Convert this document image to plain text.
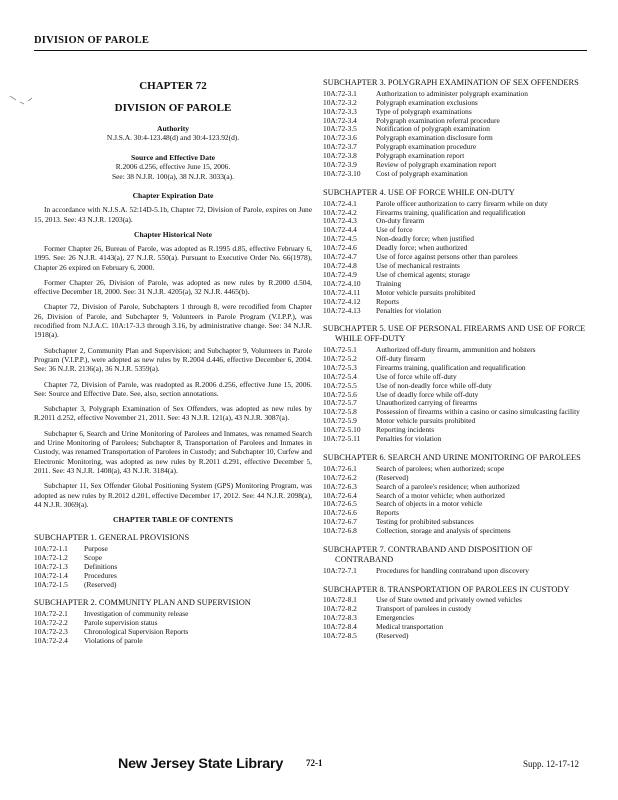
DIVISION OF PAROLE
CHAPTER 72
DIVISION OF PAROLE
Authority
N.J.S.A. 30:4-123.48(d) and 30:4-123.92(d).
Source and Effective Date
R.2006 d.256, effective June 15, 2006.
See: 38 N.J.R. 100(a), 38 N.J.R. 3033(a).
Chapter Expiration Date

In accordance with N.J.S.A. 52:14D-5.1b, Chapter 72, Division of Parole, expires on June 15, 2013. See: 43 N.J.R. 1203(a).

Chapter Historical Note

Former Chapter 26, Bureau of Parole, was adopted as R.1995 d.85, effective February 6, 1995. See: 26 N.J.R. 4143(a), 27 N.J.R. 550(a). Pursuant to Executive Order No. 66(1978), Chapter 26 expired on February 6, 2000.

Former Chapter 26, Division of Parole, was adopted as new rules by R.2000 d.504, effective December 18, 2000. See: 31 N.J.R. 4205(a), 32 N.J.R. 4465(b).

Chapter 72, Division of Parole, Subchapters 1 through 8, were recodified from Chapter 26, Division of Parole, and Subchapter 9, Volunteers in Parole Program (V.I.P.P.), was recodified from N.J.A.C. 10A:17-3.3 through 3.16, by administrative change. See: 34 N.J.R. 1918(a).

Subchapter 2, Community Plan and Supervision; and Subchapter 9, Volunteers in Parole Program (V.I.P.P.), were adopted as new rules by R.2004 d.446, effective December 6, 2004. See: 36 N.J.R. 2136(a), 36 N.J.R. 5359(a).

Chapter 72, Division of Parole, was readopted as R.2006 d.256, effective June 15, 2006. See: Source and Effective Date. See, also, section annotations.

Subchapter 3, Polygraph Examination of Sex Offenders, was adopted as new rules by R.2011 d.252, effective November 21, 2011. See: 43 N.J.R. 121(a), 43 N.J.R. 3087(a).

Subchapter 6, Search and Urine Monitoring of Parolees and Inmates, was renamed Search and Urine Monitoring of Parolees; Subchapter 8, Transportation of Parolees and Inmates in Custody, was renamed Transportation of Parolees in Custody; and Subchapter 10, Curfew and Electronic Monitoring, was adopted as new rules by R.2011 d.291, effective December 5, 2011. See: 43 N.J.R. 1408(a), 43 N.J.R. 3184(a).

Subchapter 11, Sex Offender Global Positioning System (GPS) Monitoring Program, was adopted as new rules by R.2012 d.201, effective December 17, 2012. See: 44 N.J.R. 2098(a), 44 N.J.R. 3069(a).

CHAPTER TABLE OF CONTENTS
SUBCHAPTER 1. GENERAL PROVISIONS
10A:72-1.1	Purpose
10A:72-1.2	Scope
10A:72-1.3	Definitions
10A:72-1.4	Procedures
10A:72-1.5	(Reserved)
SUBCHAPTER 2. COMMUNITY PLAN AND SUPERVISION
10A:72-2.1	Investigation of community release
10A:72-2.2	Parole supervision status
10A:72-2.3	Chronological Supervision Reports
10A:72-2.4	Violations of parole
SUBCHAPTER 3. POLYGRAPH EXAMINATION OF SEX OFFENDERS
10A:72-3.1	Authorization to administer polygraph examination
10A:72-3.2	Polygraph examination exclusions
10A:72-3.3	Type of polygraph examinations
10A:72-3.4	Polygraph examination referral procedure
10A:72-3.5	Notification of polygraph examination
10A:72-3.6	Polygraph examination disclosure form
10A:72-3.7	Polygraph examination procedure
10A:72-3.8	Polygraph examination report
10A:72-3.9	Review of polygraph examination report
10A:72-3.10	Cost of polygraph examination
SUBCHAPTER 4. USE OF FORCE WHILE ON-DUTY
10A:72-4.1	Parole officer authorization to carry firearm while on duty
10A:72-4.2	Firearms training, qualification and requalification
10A:72-4.3	On-duty firearm
10A:72-4.4	Use of force
10A:72-4.5	Non-deadly force; when justified
10A:72-4.6	Deadly force; when authorized
10A:72-4.7	Use of force against persons other than parolees
10A:72-4.8	Use of mechanical restraints
10A:72-4.9	Use of chemical agents; storage
10A:72-4.10	Training
10A:72-4.11	Motor vehicle pursuits prohibited
10A:72-4.12	Reports
10A:72-4.13	Penalties for violation
SUBCHAPTER 5. USE OF PERSONAL FIREARMS AND USE OF FORCE WHILE OFF-DUTY
10A:72-5.1	Authorized off-duty firearm, ammunition and holsters
10A:72-5.2	Off-duty firearm
10A:72-5.3	Firearms training, qualification and requalification
10A:72-5.4	Use of force while off-duty
10A:72-5.5	Use of non-deadly force while off-duty
10A:72-5.6	Use of deadly force while off-duty
10A:72-5.7	Unauthorized carrying of firearms
10A:72-5.8	Possession of firearms within a casino or casino simulcasting facility
10A:72-5.9	Motor vehicle pursuits prohibited
10A:72-5.10	Reporting incidents
10A:72-5.11	Penalties for violation
SUBCHAPTER 6. SEARCH AND URINE MONITORING OF PAROLEES
10A:72-6.1	Search of parolees; when authorized; scope
10A:72-6.2	(Reserved)
10A:72-6.3	Search of a parolee's residence; when authorized
10A:72-6.4	Search of a motor vehicle; when authorized
10A:72-6.5	Search of objects in a motor vehicle
10A:72-6.6	Reports
10A:72-6.7	Testing for prohibited substances
10A:72-6.8	Collection, storage and analysis of specimens
SUBCHAPTER 7. CONTRABAND AND DISPOSITION OF CONTRABAND
10A:72-7.1	Procedures for handling contraband upon discovery
SUBCHAPTER 8. TRANSPORTATION OF PAROLEES IN CUSTODY
10A:72-8.1	Use of State owned and privately owned vehicles
10A:72-8.2	Transport of parolees in custody
10A:72-8.3	Emergencies
10A:72-8.4	Medical transportation
10A:72-8.5	(Reserved)
New Jersey State Library	72-1	Supp. 12-17-12
